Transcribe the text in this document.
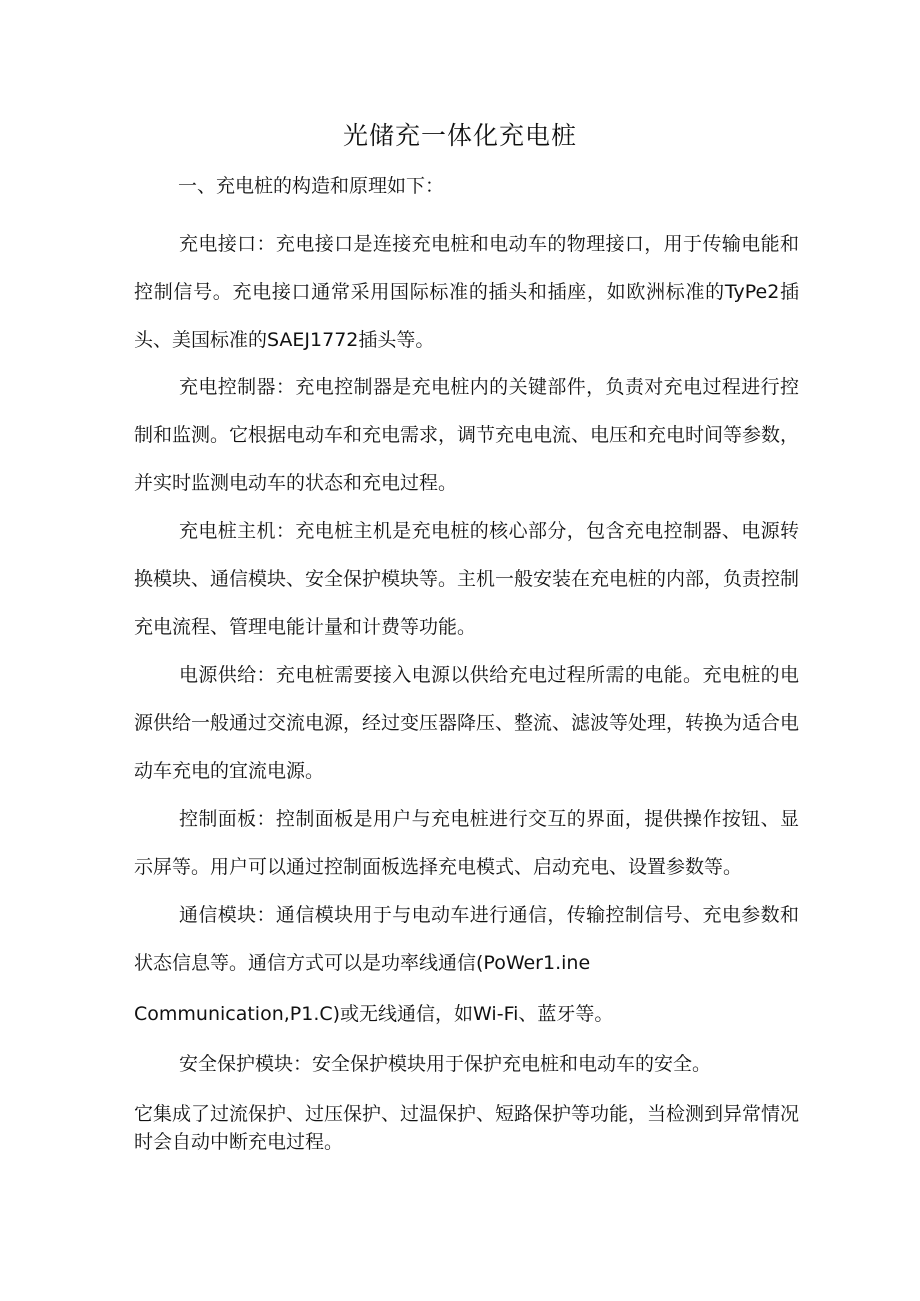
光储充一体化充电桩
一、充电桩的构造和原理如下：

充电接口：充电接口是连接充电桩和电动车的物理接口，用于传输电能和控制信号。充电接口通常采用国际标准的插头和插座，如欧洲标准的TyPe2插头、美国标准的SAEJ1772插头等。

充电控制器：充电控制器是充电桩内的关键部件，负责对充电过程进行控制和监测。它根据电动车和充电需求，调节充电电流、电压和充电时间等参数，并实时监测电动车的状态和充电过程。

充电桩主机：充电桩主机是充电桩的核心部分，包含充电控制器、电源转换模块、通信模块、安全保护模块等。主机一般安装在充电桩的内部，负责控制充电流程、管理电能计量和计费等功能。

电源供给：充电桩需要接入电源以供给充电过程所需的电能。充电桩的电源供给一般通过交流电源，经过变压器降压、整流、滤波等处理，转换为适合电动车充电的宜流电源。

控制面板：控制面板是用户与充电桩进行交互的界面，提供操作按钮、显示屏等。用户可以通过控制面板选择充电模式、启动充电、设置参数等。

通信模块：通信模块用于与电动车进行通信，传输控制信号、充电参数和状态信息等。通信方式可以是功率线通信(PoWer1.ine

Communication,P1.C)或无线通信，如Wi-Fi、蓝牙等。

安全保护模块：安全保护模块用于保护充电桩和电动车的安全。

它集成了过流保护、过压保护、过温保护、短路保护等功能，当检测到异常情况时会自动中断充电过程。
